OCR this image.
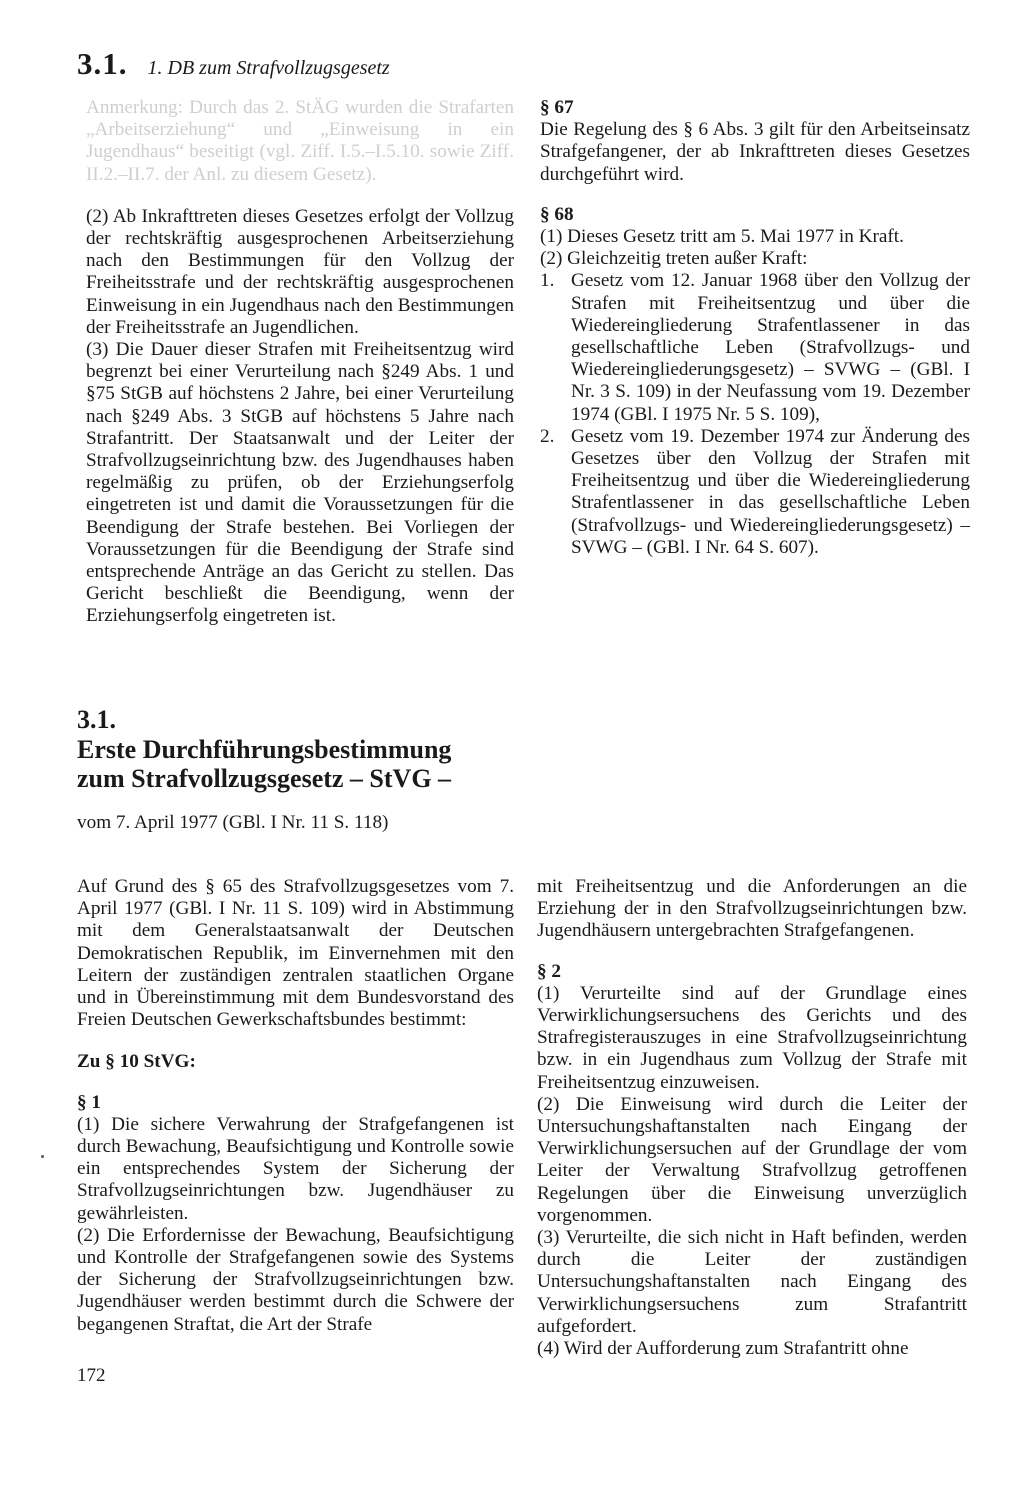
3.1. 1. DB zum Strafvollzugsgesetz

Anmerkung: Durch das 2. StÄG wurden die Strafarten „Arbeitserziehung“ und „Einweisung in ein Jugendhaus“ beseitigt (vgl. Ziff. I.5.–I.5.10. sowie Ziff. II.2.–II.7. der Anl. zu diesem Gesetz).

(2) Ab Inkrafttreten dieses Gesetzes erfolgt der Vollzug der rechtskräftig ausgesprochenen Arbeitserziehung nach den Bestimmungen für den Vollzug der Freiheitsstrafe und der rechtskräftig ausgesprochenen Einweisung in ein Jugendhaus nach den Bestimmungen der Freiheitsstrafe an Jugendlichen.

(3) Die Dauer dieser Strafen mit Freiheitsentzug wird begrenzt bei einer Verurteilung nach §249 Abs. 1 und §75 StGB auf höchstens 2 Jahre, bei einer Verurteilung nach §249 Abs. 3 StGB auf höchstens 5 Jahre nach Strafantritt. Der Staatsanwalt und der Leiter der Strafvollzugseinrichtung bzw. des Jugendhauses haben regelmäßig zu prüfen, ob der Erziehungserfolg eingetreten ist und damit die Voraussetzungen für die Beendigung der Strafe bestehen. Bei Vorliegen der Voraussetzungen für die Beendigung der Strafe sind entsprechende Anträge an das Gericht zu stellen. Das Gericht beschließt die Beendigung, wenn der Erziehungserfolg eingetreten ist.

§ 67

Die Regelung des § 6 Abs. 3 gilt für den Arbeitseinsatz Strafgefangener, der ab Inkrafttreten dieses Gesetzes durchgeführt wird.

§ 68

(1) Dieses Gesetz tritt am 5. Mai 1977 in Kraft.

(2) Gleichzeitig treten außer Kraft:

1. Gesetz vom 12. Januar 1968 über den Vollzug der Strafen mit Freiheitsentzug und über die Wiedereingliederung Strafentlassener in das gesellschaftliche Leben (Strafvollzugs- und Wiedereingliederungsgesetz) – SVWG – (GBl. I Nr. 3 S. 109) in der Neufassung vom 19. Dezember 1974 (GBl. I 1975 Nr. 5 S. 109),
2. Gesetz vom 19. Dezember 1974 zur Änderung des Gesetzes über den Vollzug der Strafen mit Freiheitsentzug und über die Wiedereingliederung Strafentlassener in das gesellschaftliche Leben (Strafvollzugs- und Wiedereingliederungsgesetz) – SVWG – (GBl. I Nr. 64 S. 607).
3.1.

Erste Durchführungsbestimmung

zum Strafvollzugsgesetz – StVG –

vom 7. April 1977 (GBl. I Nr. 11 S. 118)

Auf Grund des § 65 des Strafvollzugsgesetzes vom 7. April 1977 (GBl. I Nr. 11 S. 109) wird in Abstimmung mit dem Generalstaatsanwalt der Deutschen Demokratischen Republik, im Einvernehmen mit den Leitern der zuständigen zentralen staatlichen Organe und in Übereinstimmung mit dem Bundesvorstand des Freien Deutschen Gewerkschaftsbundes bestimmt:

Zu § 10 StVG:

§ 1

(1) Die sichere Verwahrung der Strafgefangenen ist durch Bewachung, Beaufsichtigung und Kontrolle sowie ein entsprechendes System der Sicherung der Strafvollzugseinrichtungen bzw. Jugendhäuser zu gewährleisten.

(2) Die Erfordernisse der Bewachung, Beaufsichtigung und Kontrolle der Strafgefangenen sowie des Systems der Sicherung der Strafvollzugseinrichtungen bzw. Jugendhäuser werden bestimmt durch die Schwere der begangenen Straftat, die Art der Strafe

mit Freiheitsentzug und die Anforderungen an die Erziehung der in den Strafvollzugseinrichtungen bzw. Jugendhäusern untergebrachten Strafgefangenen.

§ 2

(1) Verurteilte sind auf der Grundlage eines Verwirklichungsersuchens des Gerichts und des Strafregisterauszuges in eine Strafvollzugseinrichtung bzw. in ein Jugendhaus zum Vollzug der Strafe mit Freiheitsentzug einzuweisen.

(2) Die Einweisung wird durch die Leiter der Untersuchungshaftanstalten nach Eingang der Verwirklichungsersuchen auf der Grundlage der vom Leiter der Verwaltung Strafvollzug getroffenen Regelungen über die Einweisung unverzüglich vorgenommen.

(3) Verurteilte, die sich nicht in Haft befinden, werden durch die Leiter der zuständigen Untersuchungshaftanstalten nach Eingang des Verwirklichungsersuchens zum Strafantritt aufgefordert.

(4) Wird der Aufforderung zum Strafantritt ohne

172
